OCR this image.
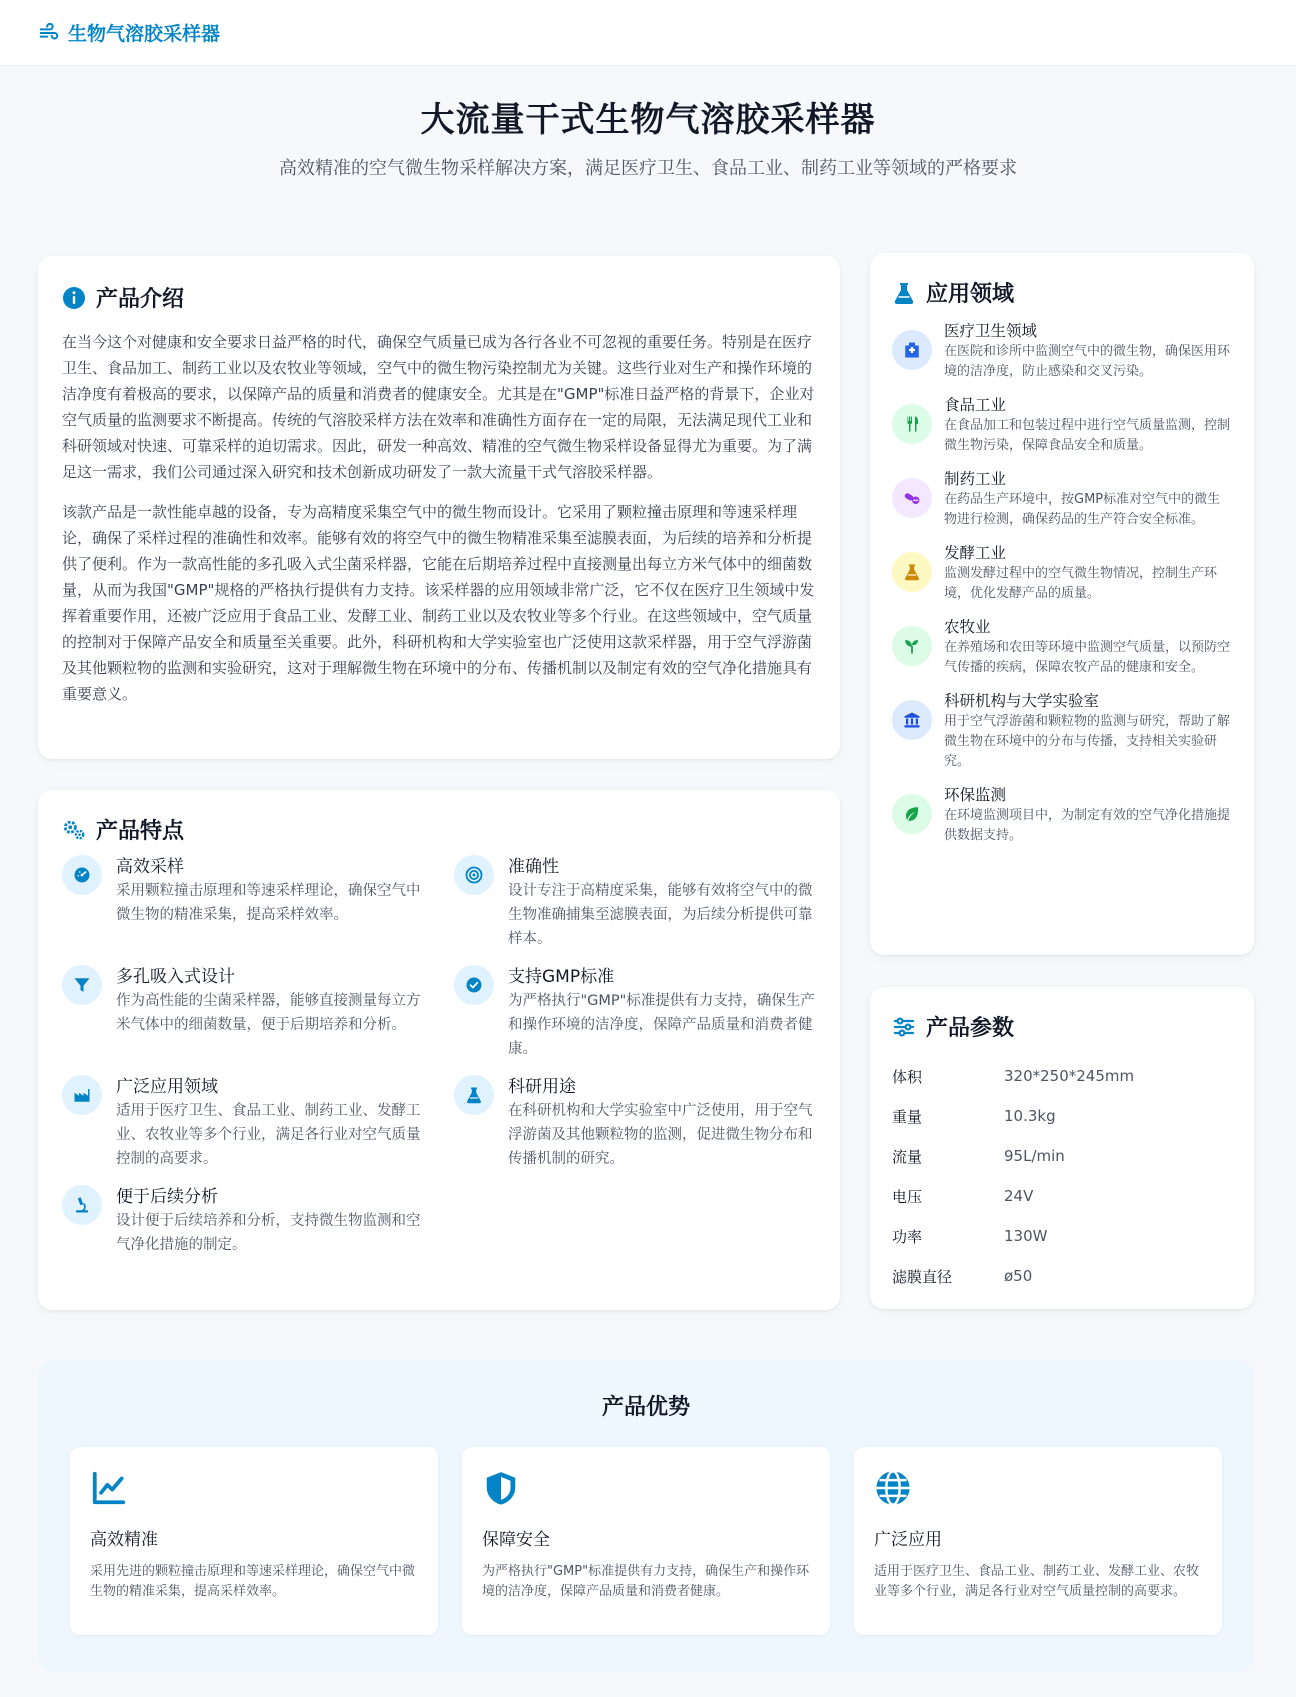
生物气溶胶采样器
大流量干式生物气溶胶采样器

高效精准的空气微生物采样解决方案，满足医疗卫生、食品工业、制药工业等领域的严格要求

产品介绍

在当今这个对健康和安全要求日益严格的时代，确保空气质量已成为各行各业不可忽视的重要任务。特别是在医疗卫生、食品加工、制药工业以及农牧业等领域，空气中的微生物污染控制尤为关键。这些行业对生产和操作环境的洁净度有着极高的要求，以保障产品的质量和消费者的健康安全。尤其是在"GMP"标准日益严格的背景下，企业对空气质量的监测要求不断提高。传统的气溶胶采样方法在效率和准确性方面存在一定的局限，无法满足现代工业和科研领域对快速、可靠采样的迫切需求。因此，研发一种高效、精准的空气微生物采样设备显得尤为重要。为了满足这一需求，我们公司通过深入研究和技术创新成功研发了一款大流量干式气溶胶采样器。

该款产品是一款性能卓越的设备，专为高精度采集空气中的微生物而设计。它采用了颗粒撞击原理和等速采样理论，确保了采样过程的准确性和效率。能够有效的将空气中的微生物精准采集至滤膜表面，为后续的培养和分析提供了便利。作为一款高性能的多孔吸入式尘菌采样器，它能在后期培养过程中直接测量出每立方米气体中的细菌数量，从而为我国"GMP"规格的严格执行提供有力支持。该采样器的应用领域非常广泛，它不仅在医疗卫生领域中发挥着重要作用，还被广泛应用于食品工业、发酵工业、制药工业以及农牧业等多个行业。在这些领域中，空气质量的控制对于保障产品安全和质量至关重要。此外，科研机构和大学实验室也广泛使用这款采样器，用于空气浮游菌及其他颗粒物的监测和实验研究，这对于理解微生物在环境中的分布、传播机制以及制定有效的空气净化措施具有重要意义。

产品特点
高效采样

采用颗粒撞击原理和等速采样理论，确保空气中微生物的精准采集，提高采样效率。

准确性

设计专注于高精度采集，能够有效将空气中的微生物准确捕集至滤膜表面，为后续分析提供可靠样本。

多孔吸入式设计

作为高性能的尘菌采样器，能够直接测量每立方米气体中的细菌数量，便于后期培养和分析。

支持GMP标准

为严格执行"GMP"标准提供有力支持，确保生产和操作环境的洁净度，保障产品质量和消费者健康。

广泛应用领域

适用于医疗卫生、食品工业、制药工业、发酵工业、农牧业等多个行业，满足各行业对空气质量控制的高要求。

科研用途

在科研机构和大学实验室中广泛使用，用于空气浮游菌及其他颗粒物的监测，促进微生物分布和传播机制的研究。

便于后续分析

设计便于后续培养和分析，支持微生物监测和空气净化措施的制定。

应用领域
医疗卫生领域

在医院和诊所中监测空气中的微生物，确保医用环境的洁净度，防止感染和交叉污染。

食品工业

在食品加工和包装过程中进行空气质量监测，控制微生物污染，保障食品安全和质量。

制药工业

在药品生产环境中，按GMP标准对空气中的微生物进行检测，确保药品的生产符合安全标准。

发酵工业

监测发酵过程中的空气微生物情况，控制生产环境，优化发酵产品的质量。

农牧业

在养殖场和农田等环境中监测空气质量，以预防空气传播的疾病，保障农牧产品的健康和安全。

科研机构与大学实验室

用于空气浮游菌和颗粒物的监测与研究，帮助了解微生物在环境中的分布与传播，支持相关实验研究。

环保监测

在环境监测项目中，为制定有效的空气净化措施提供数据支持。

产品参数
体积	320*250*245mm
重量	10.3kg
流量	95L/min
电压	24V
功率	130W
滤膜直径	ø50
产品优势
高效精准

采用先进的颗粒撞击原理和等速采样理论，确保空气中微生物的精准采集，提高采样效率。

保障安全

为严格执行"GMP"标准提供有力支持，确保生产和操作环境的洁净度，保障产品质量和消费者健康。

广泛应用

适用于医疗卫生、食品工业、制药工业、发酵工业、农牧业等多个行业，满足各行业对空气质量控制的高要求。
